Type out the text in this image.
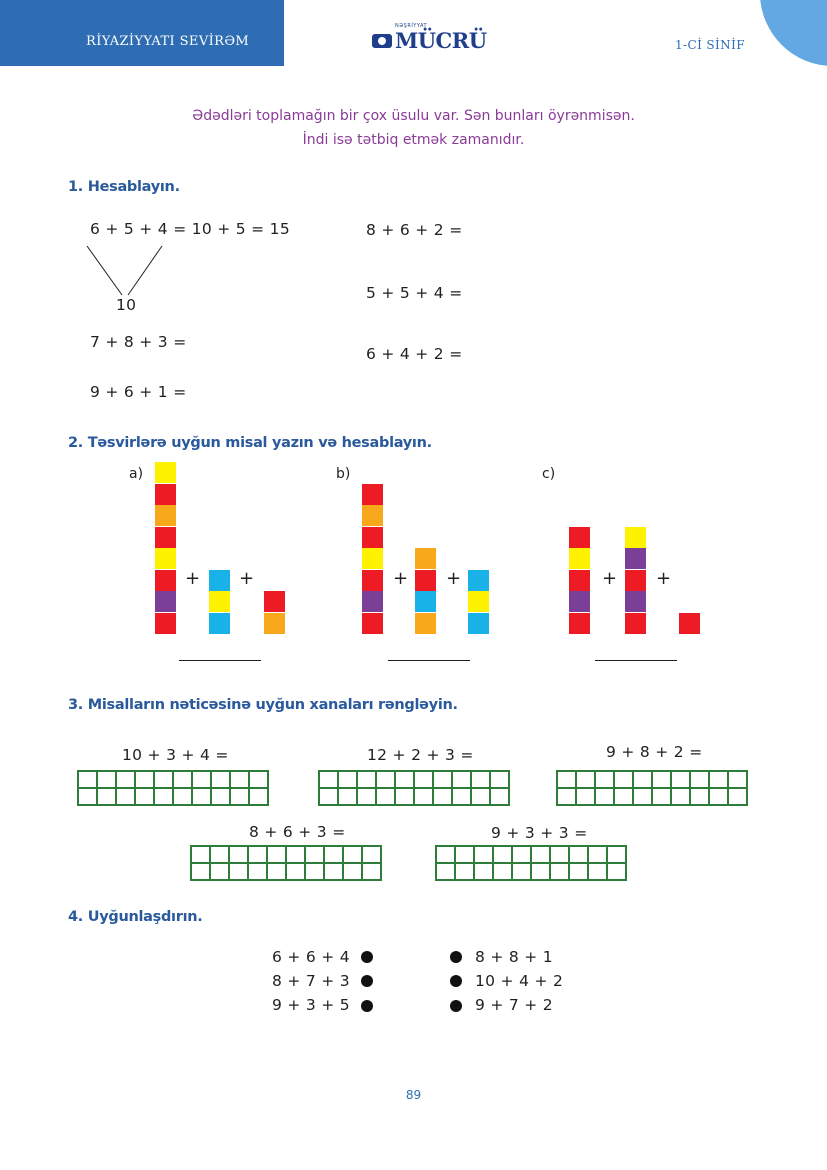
RİYAZİYYATI SEVİRƏM
NƏŞRİYYAT
MÜCRÜ	1-Cİ SİNİF
Ədədləri toplamağın bir çox üsulu var. Sən bunları öyrənmisən.
İndi isə tətbiq etmək zamanıdır.
1. Hesablayın.
6 + 5 + 4 = 10 + 5 = 15
10
7 + 8 + 3 =
9 + 6 + 1 =
8 + 6 + 2 =
5 + 5 + 4 =
6 + 4 + 2 =
2. Təsvirlərə uyğun misal yazın və hesablayın.
a)	b)	c)
+ +	+ +	+ +
3. Misalların nəticəsinə uyğun xanaları rəngləyin.
10 + 3 + 4 =	12 + 2 + 3 =	9 + 8 + 2 =
8 + 6 + 3 =	9 + 3 + 3 =
4. Uyğunlaşdırın.
6 + 6 + 4
8 + 7 + 3
9 + 3 + 5
8 + 8 + 1
10 + 4 + 2
9 + 7 + 2
89
